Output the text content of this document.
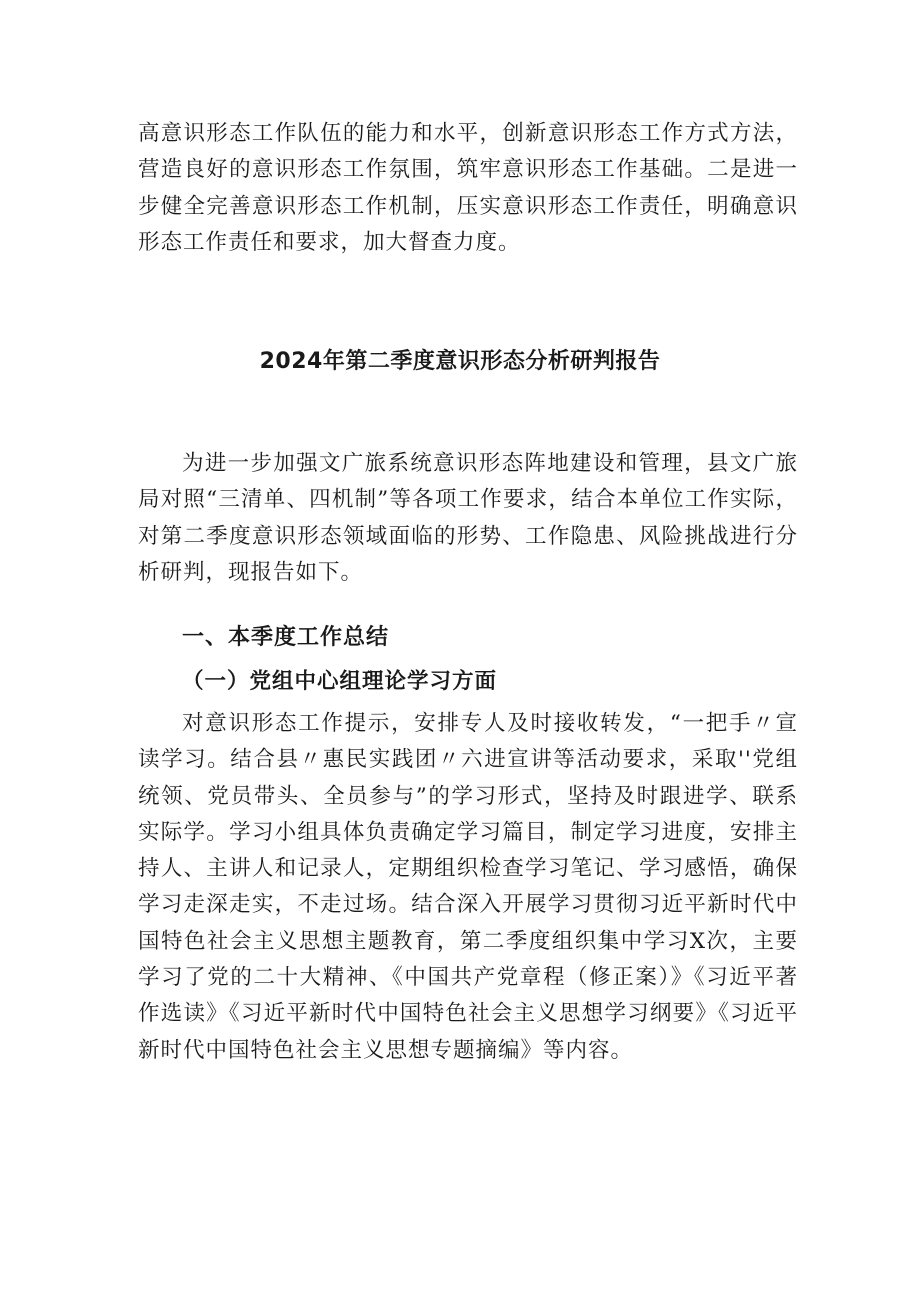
高意识形态工作队伍的能力和水平，创新意识形态工作方式方法，营造良好的意识形态工作氛围，筑牢意识形态工作基础。二是进一步健全完善意识形态工作机制，压实意识形态工作责任，明确意识形态工作责任和要求，加大督查力度。

2024年第二季度意识形态分析研判报告

为进一步加强文广旅系统意识形态阵地建设和管理，县文广旅局对照“三清单、四机制”等各项工作要求，结合本单位工作实际，对第二季度意识形态领域面临的形势、工作隐患、风险挑战进行分析研判，现报告如下。

一、本季度工作总结
（一）党组中心组理论学习方面

对意识形态工作提示，安排专人及时接收转发，“一把手〃宣读学习。结合县〃惠民实践团〃六进宣讲等活动要求，采取''党组统领、党员带头、全员参与”的学习形式，坚持及时跟进学、联系实际学。学习小组具体负责确定学习篇目，制定学习进度，安排主持人、主讲人和记录人，定期组织检查学习笔记、学习感悟，确保学习走深走实，不走过场。结合深入开展学习贯彻习近平新时代中国特色社会主义思想主题教育，第二季度组织集中学习X次，主要学习了党的二十大精神、《中国共产党章程（修正案）》《习近平著作选读》《习近平新时代中国特色社会主义思想学习纲要》《习近平新时代中国特色社会主义思想专题摘编》等内容。
